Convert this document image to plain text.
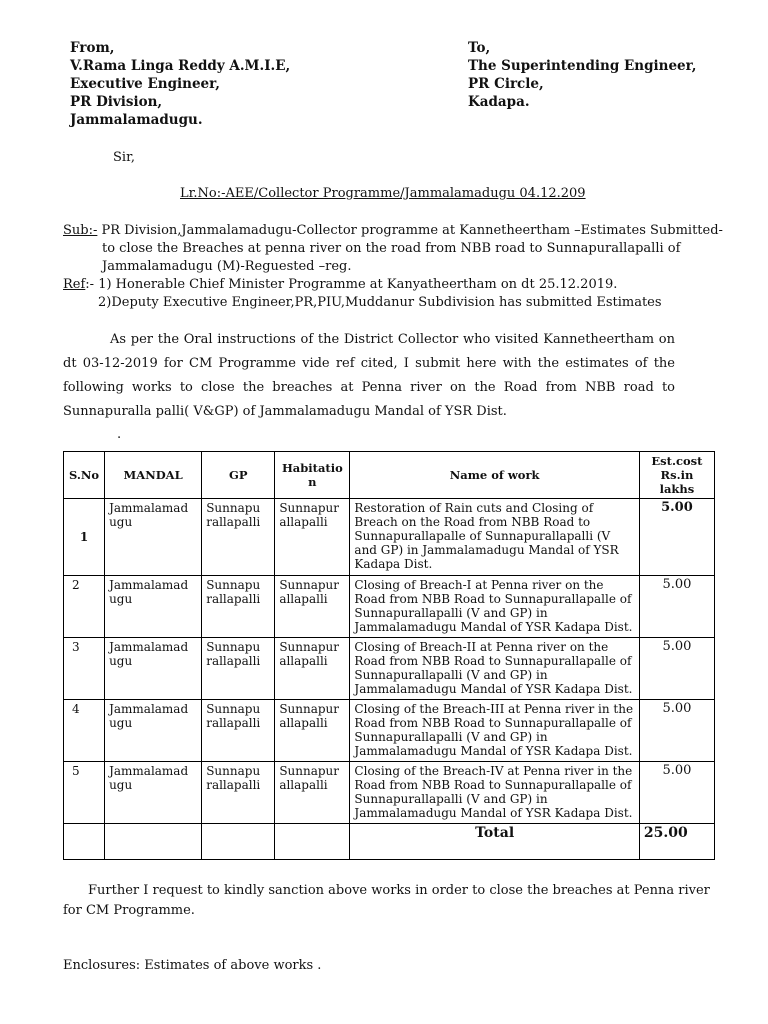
From,
V.Rama Linga Reddy A.M.I.E,
Executive Engineer,
PR Division,
Jammalamadugu.
To,
The Superintending Engineer,
PR Circle,
Kadapa.
Sir,
Lr.No:-AEE/Collector Programme/Jammalamadugu 04.12.209
Sub:- PR Division,Jammalamadugu-Collector programme at Kannetheertham –Estimates Submitted-
to close the Breaches at penna river on the road from NBB road to Sunnapurallapalli of
Jammalamadugu (M)-Reguested –reg.
Ref:- 1) Honerable Chief Minister Programme at Kanyatheertham on dt 25.12.2019.
2)Deputy Executive Engineer,PR,PIU,Muddanur Subdivision has submitted Estimates
As per the Oral instructions of the District Collector who visited Kannetheertham on dt 03-12-2019 for CM Programme vide ref cited, I submit here with the estimates of the following works to close the breaches at Penna river on the Road from NBB road to Sunnapuralla palli( V&GP) of Jammalamadugu Mandal of YSR Dist.
.
S.No	MANDAL	GP	Habitatio n	Name of work	Est.cost Rs.in lakhs
1	Jammalamad ugu	Sunnapu rallapalli	Sunnapur allapalli	Restoration of Rain cuts and Closing of Breach on the Road from NBB Road to Sunnapurallapalle of Sunnapurallapalli (V and GP) in Jammalamadugu Mandal of YSR Kadapa Dist.	5.00
2	Jammalamad ugu	Sunnapu rallapalli	Sunnapur allapalli	Closing of Breach-I at Penna river on the Road from NBB Road to Sunnapurallapalle of Sunnapurallapalli (V and GP) in Jammalamadugu Mandal of YSR Kadapa Dist.	5.00
3	Jammalamad ugu	Sunnapu rallapalli	Sunnapur allapalli	Closing of Breach-II at Penna river on the Road from NBB Road to Sunnapurallapalle of Sunnapurallapalli (V and GP) in Jammalamadugu Mandal of YSR Kadapa Dist.	5.00
4	Jammalamad ugu	Sunnapu rallapalli	Sunnapur allapalli	Closing of the Breach-III at Penna river in the Road from NBB Road to Sunnapurallapalle of Sunnapurallapalli (V and GP) in Jammalamadugu Mandal of YSR Kadapa Dist.	5.00
5	Jammalamad ugu	Sunnapu rallapalli	Sunnapur allapalli	Closing of the Breach-IV at Penna river in the Road from NBB Road to Sunnapurallapalle of Sunnapurallapalli (V and GP) in Jammalamadugu Mandal of YSR Kadapa Dist.	5.00
				Total	25.00
Further I request to kindly sanction above works in order to close the breaches at Penna river
for CM Programme.
Enclosures: Estimates of above works .
